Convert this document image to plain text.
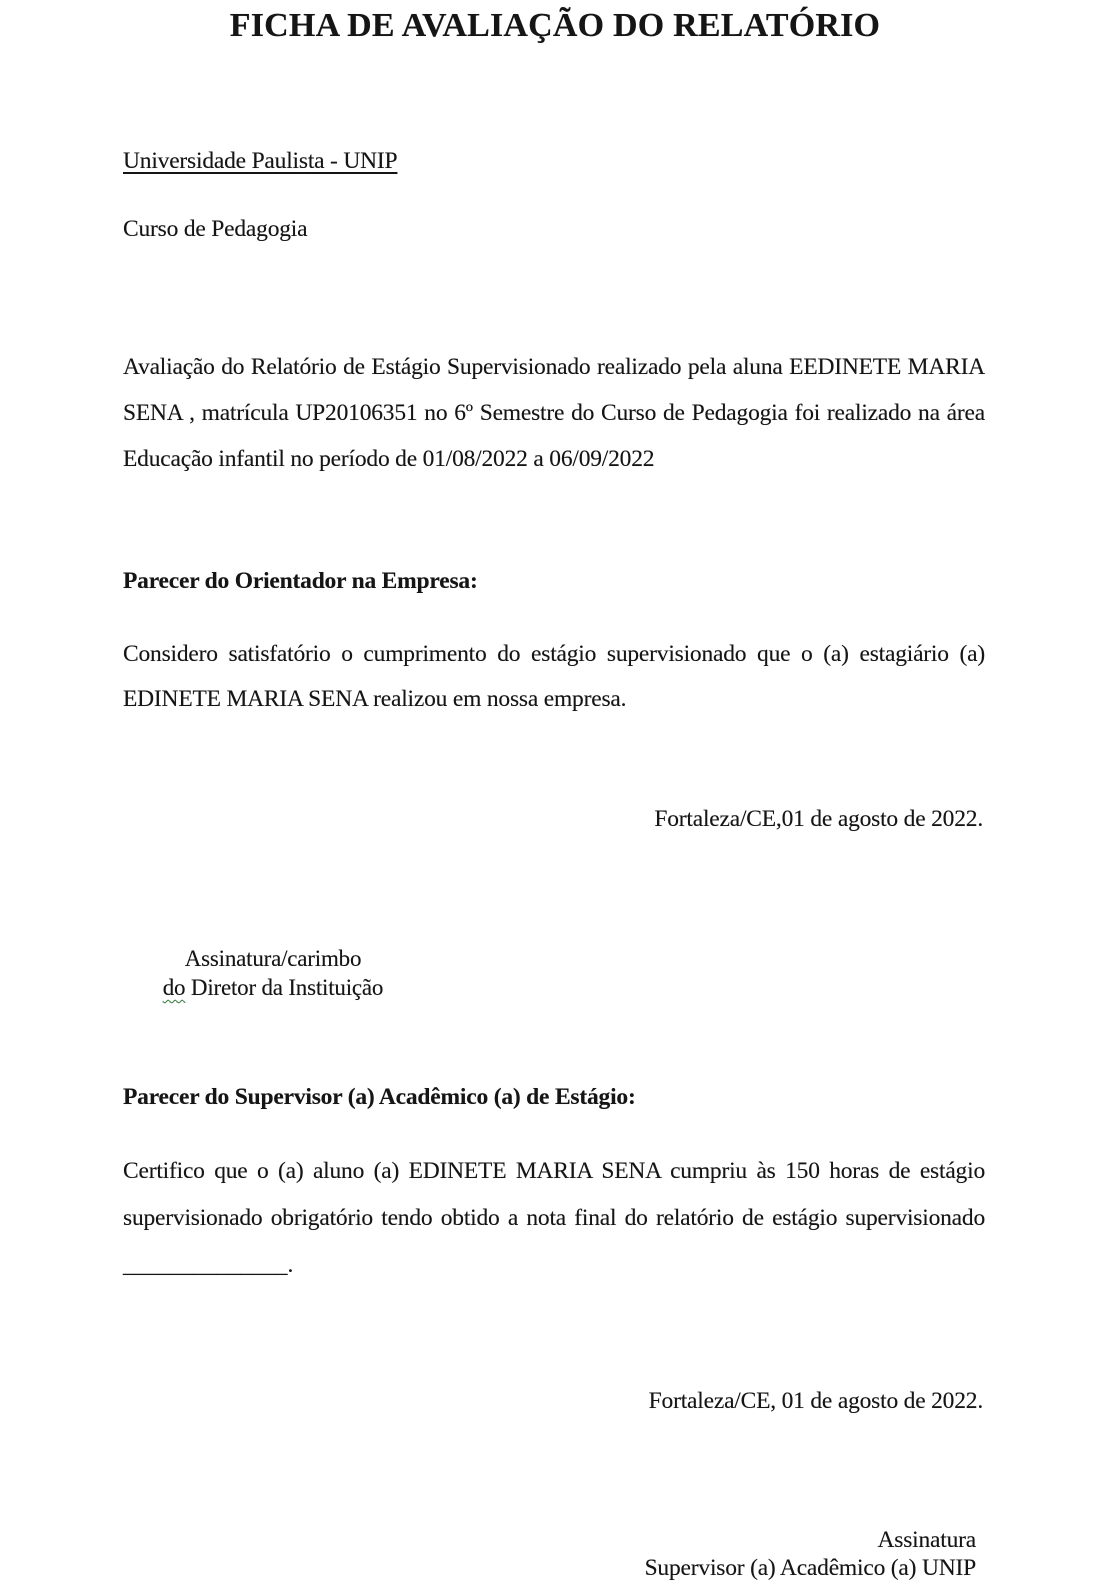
FICHA DE AVALIAÇÃO DO RELATÓRIO
Universidade Paulista - UNIP
Curso de Pedagogia

Avaliação do Relatório de Estágio Supervisionado realizado pela aluna EEDINETE MARIA SENA , matrícula UP20106351 no 6º Semestre do Curso de Pedagogia foi realizado na área Educação infantil no período de 01/08/2022 a 06/09/2022

Parecer do Orientador na Empresa:

Considero satisfatório o cumprimento do estágio supervisionado que o (a) estagiário (a) EDINETE MARIA SENA realizou em nossa empresa.

Fortaleza/CE,01 de agosto de 2022.
Assinatura/carimbo
do Diretor da Instituição
Parecer do Supervisor (a) Acadêmico (a) de Estágio:

Certifico que o (a) aluno (a) EDINETE MARIA SENA cumpriu às 150 horas de estágio supervisionado obrigatório tendo obtido a nota final do relatório de estágio supervisionado ______________.

Fortaleza/CE, 01 de agosto de 2022.
Assinatura
Supervisor (a) Acadêmico (a) UNIP
